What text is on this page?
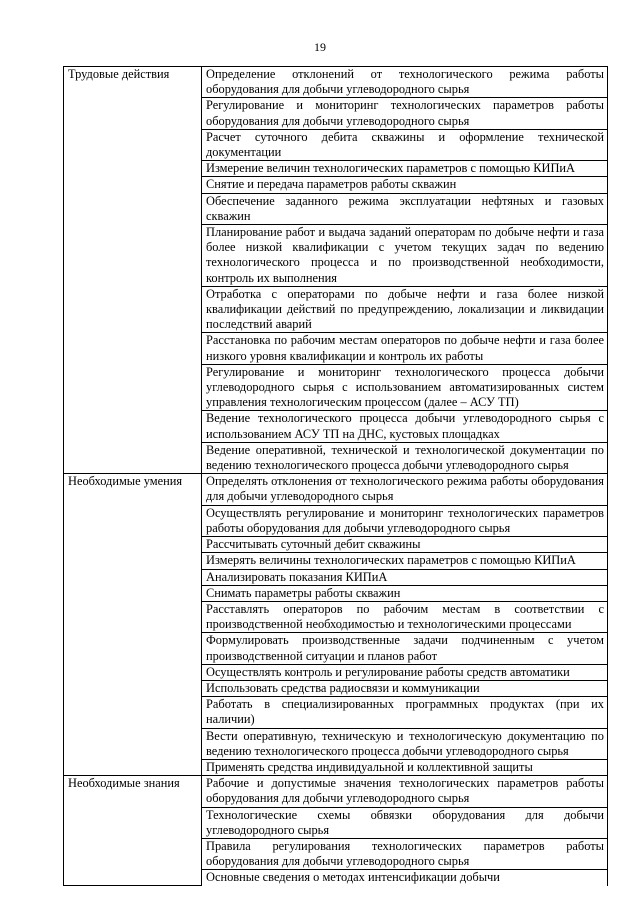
19
Трудовые действия	Определение отклонений от технологического режима работы оборудования для добычи углеводородного сырья
	Регулирование и мониторинг технологических параметров работы оборудования для добычи углеводородного сырья
	Расчет суточного дебита скважины и оформление технической документации
	Измерение величин технологических параметров с помощью КИПиА
	Снятие и передача параметров работы скважин
	Обеспечение заданного режима эксплуатации нефтяных и газовых скважин
	Планирование работ и выдача заданий операторам по добыче нефти и газа более низкой квалификации с учетом текущих задач по ведению технологического процесса и по производственной необходимости, контроль их выполнения
	Отработка с операторами по добыче нефти и газа более низкой квалификации действий по предупреждению, локализации и ликвидации последствий аварий
	Расстановка по рабочим местам операторов по добыче нефти и газа более низкого уровня квалификации и контроль их работы
	Регулирование и мониторинг технологического процесса добычи углеводородного сырья с использованием автоматизированных систем управления технологическим процессом (далее – АСУ ТП)
	Ведение технологического процесса добычи углеводородного сырья с использованием АСУ ТП на ДНС, кустовых площадках
	Ведение оперативной, технической и технологической документации по ведению технологического процесса добычи углеводородного сырья
Необходимые умения	Определять отклонения от технологического режима работы оборудования для добычи углеводородного сырья
	Осуществлять регулирование и мониторинг технологических параметров работы оборудования для добычи углеводородного сырья
	Рассчитывать суточный дебит скважины
	Измерять величины технологических параметров с помощью КИПиА
	Анализировать показания КИПиА
	Снимать параметры работы скважин
	Расставлять операторов по рабочим местам в соответствии с производственной необходимостью и технологическими процессами
	Формулировать производственные задачи подчиненным с учетом производственной ситуации и планов работ
	Осуществлять контроль и регулирование работы средств автоматики
	Использовать средства радиосвязи и коммуникации
	Работать в специализированных программных продуктах (при их наличии)
	Вести оперативную, техническую и технологическую документацию по ведению технологического процесса добычи углеводородного сырья
	Применять средства индивидуальной и коллективной защиты
Необходимые знания	Рабочие и допустимые значения технологических параметров работы оборудования для добычи углеводородного сырья
	Технологические схемы обвязки оборудования для добычи углеводородного сырья
	Правила регулирования технологических параметров работы оборудования для добычи углеводородного сырья
	Основные сведения о методах интенсификации добычи
